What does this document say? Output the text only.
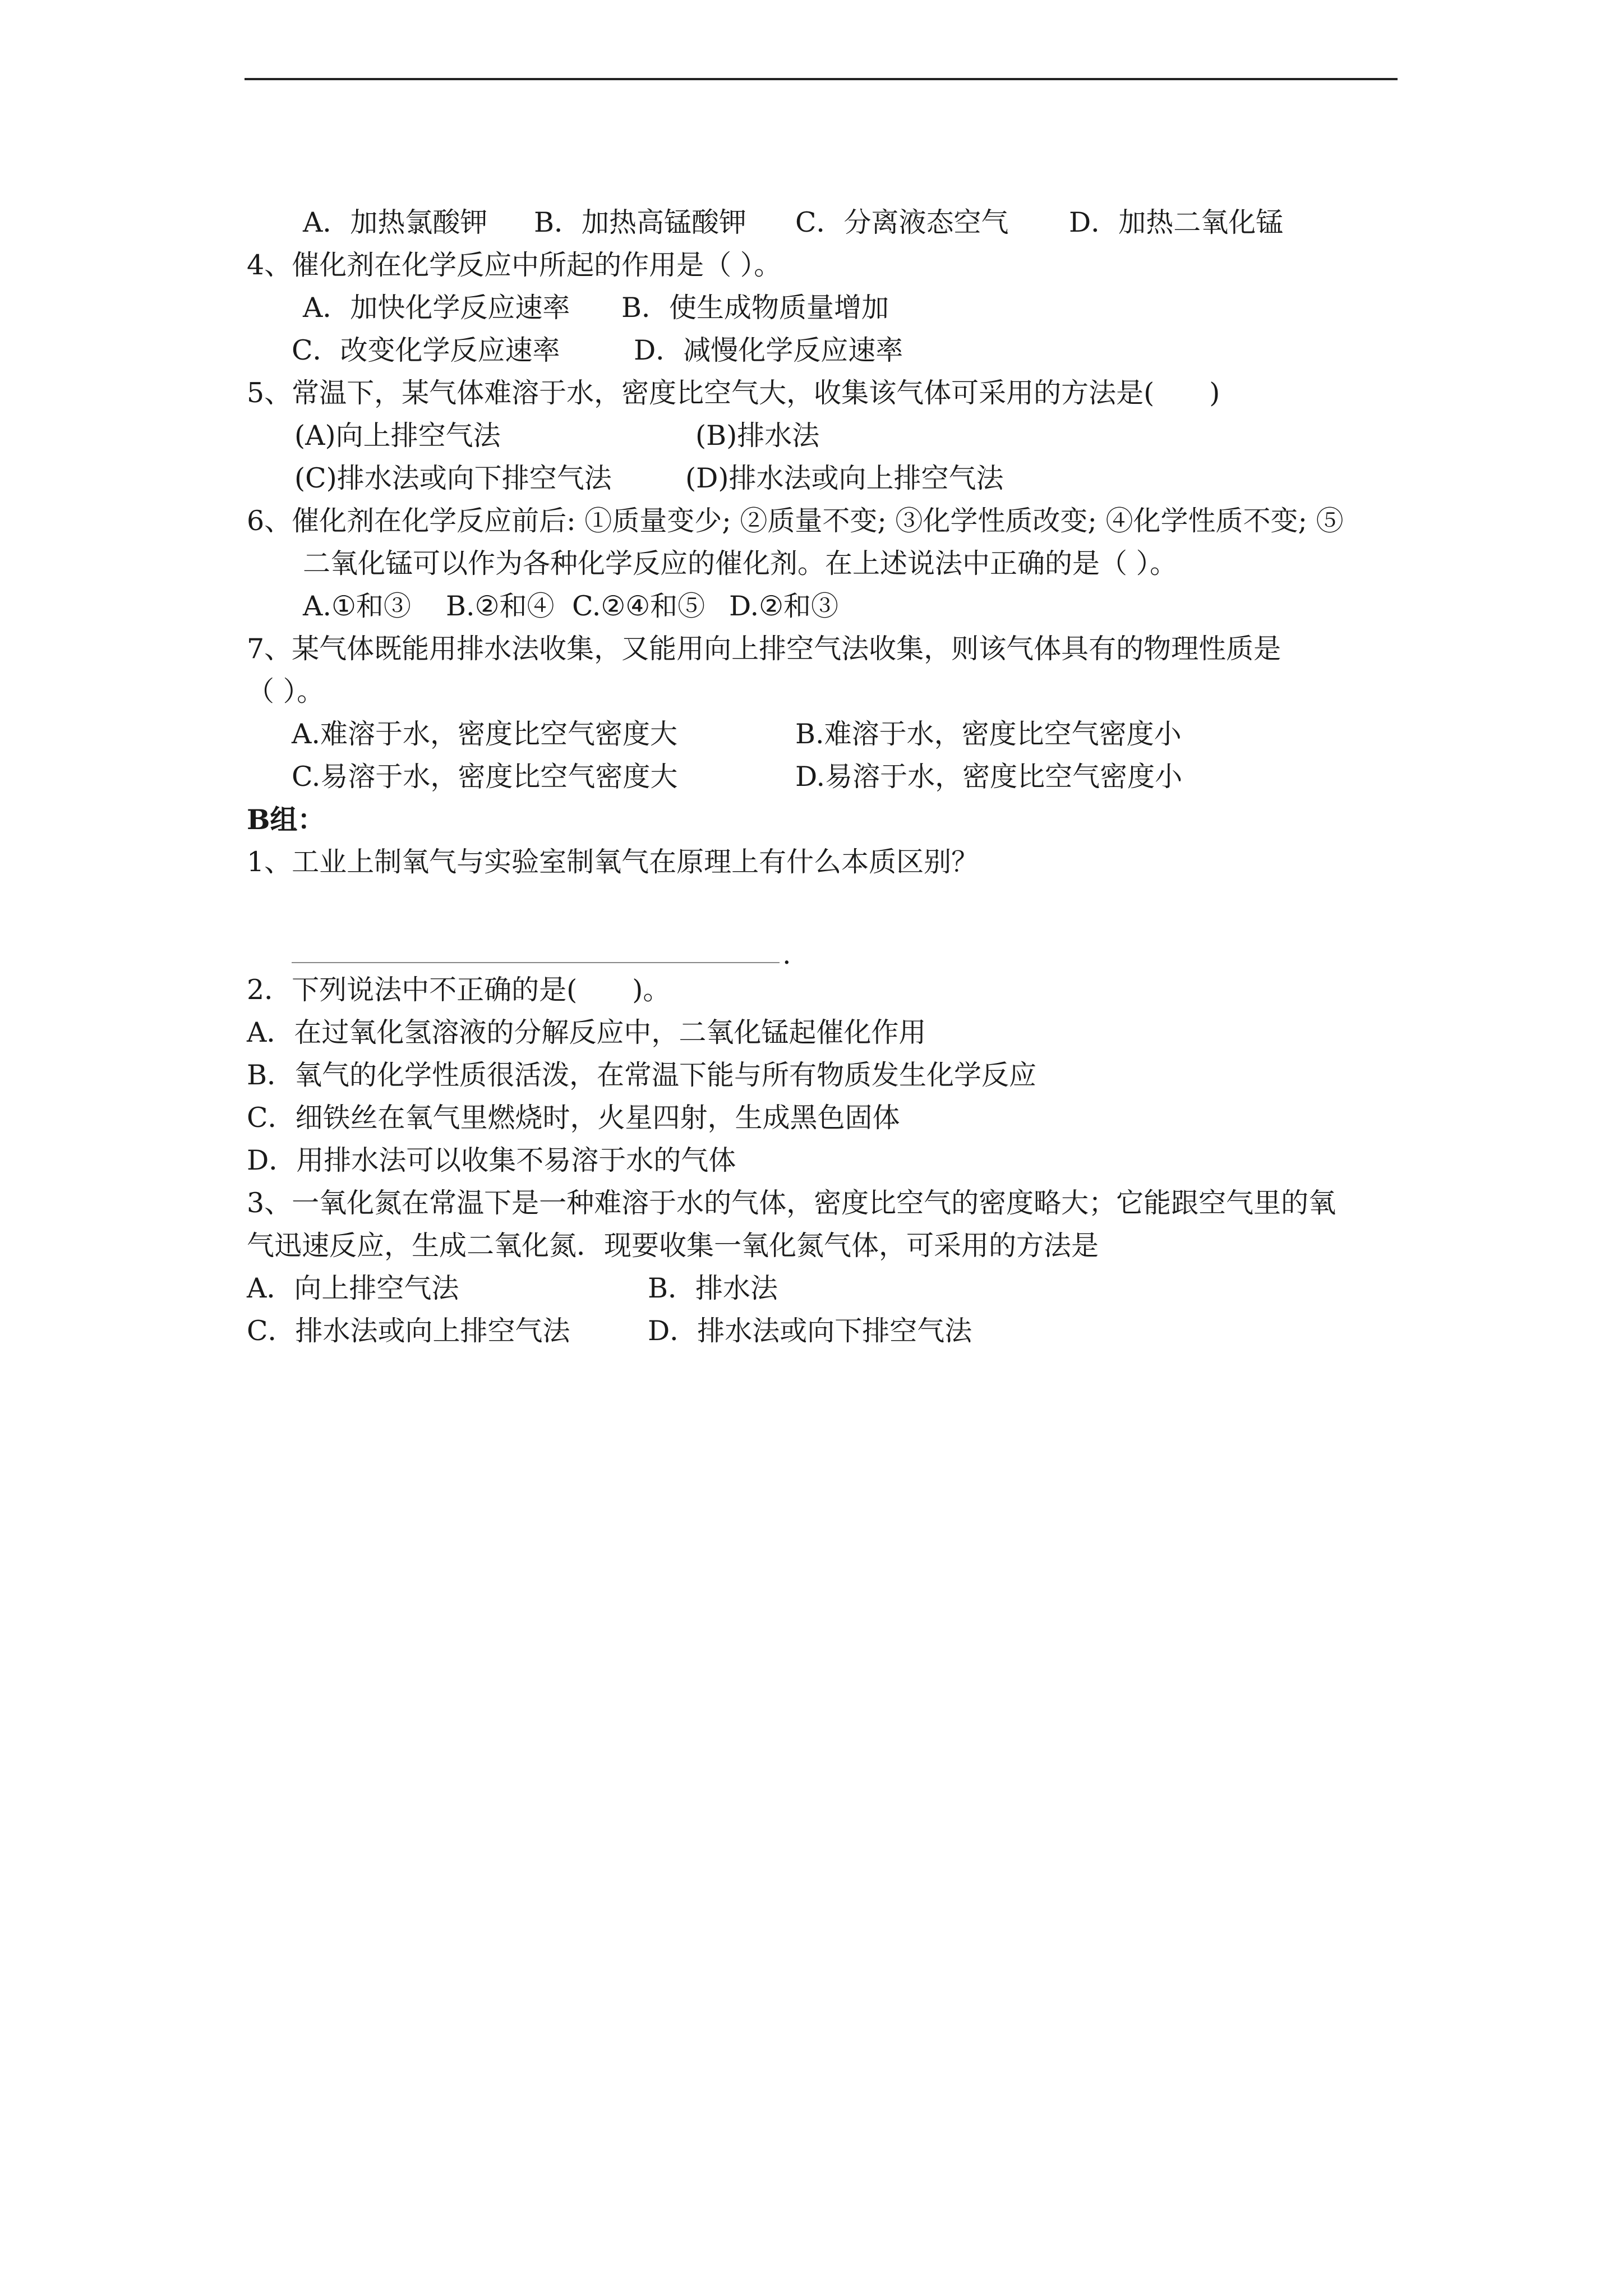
A．加热氯酸钾 B．加热高锰酸钾 C．分离液态空气 D．加热二氧化锰
4、催化剂在化学反应中所起的作用是（ ）。
A．加快化学反应速率 B．使生成物质量增加
C．改变化学反应速率	D．减慢化学反应速率
5、常温下，某气体难溶于水，密度比空气大，收集该气体可采用的方法是(　　)
(A)向上排空气法	(B)排水法
(C)排水法或向下排空气法	(D)排水法或向上排空气法
6、催化剂在化学反应前后: ①质量变少; ②质量不变; ③化学性质改变; ④化学性质不变; ⑤
二氧化锰可以作为各种化学反应的催化剂。在上述说法中正确的是（ ）。
A.①和③ B.②和④ C.②④和⑤ D.②和③
7、某气体既能用排水法收集，又能用向上排空气法收集，则该气体具有的物理性质是
（ ）。
A.难溶于水，密度比空气密度大	B.难溶于水，密度比空气密度小
C.易溶于水，密度比空气密度大	D.易溶于水，密度比空气密度小
B组：
1、工业上制氧气与实验室制氧气在原理上有什么本质区别？
.
2．下列说法中不正确的是(　　)。
A．在过氧化氢溶液的分解反应中，二氧化锰起催化作用
B．氧气的化学性质很活泼，在常温下能与所有物质发生化学反应
C．细铁丝在氧气里燃烧时，火星四射，生成黑色固体
D．用排水法可以收集不易溶于水的气体
3、一氧化氮在常温下是一种难溶于水的气体，密度比空气的密度略大；它能跟空气里的氧
气迅速反应，生成二氧化氮．现要收集一氧化氮气体，可采用的方法是
A．向上排空气法	B．排水法
C．排水法或向上排空气法	D．排水法或向下排空气法
